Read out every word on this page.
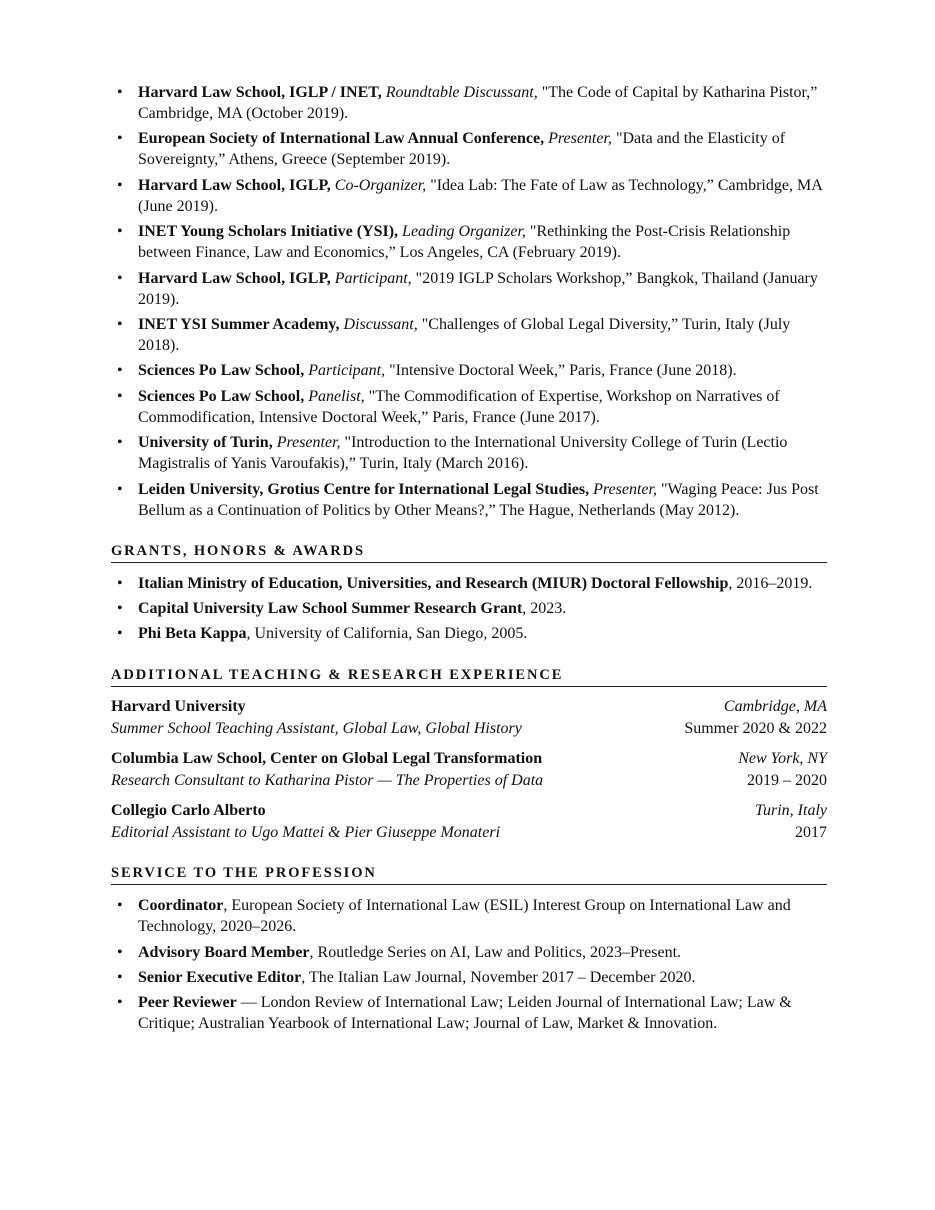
• Harvard Law School, IGLP / INET, Roundtable Discussant, "The Code of Capital by Katharina Pistor,” Cambridge, MA (October 2019).
• European Society of International Law Annual Conference, Presenter, "Data and the Elasticity of Sovereignty,” Athens, Greece (September 2019).
• Harvard Law School, IGLP, Co-Organizer, "Idea Lab: The Fate of Law as Technology,” Cambridge, MA (June 2019).
• INET Young Scholars Initiative (YSI), Leading Organizer, "Rethinking the Post-Crisis Relationship between Finance, Law and Economics,” Los Angeles, CA (February 2019).
• Harvard Law School, IGLP, Participant, "2019 IGLP Scholars Workshop,” Bangkok, Thailand (January 2019).
• INET YSI Summer Academy, Discussant, "Challenges of Global Legal Diversity,” Turin, Italy (July 2018).
• Sciences Po Law School, Participant, "Intensive Doctoral Week,” Paris, France (June 2018).
• Sciences Po Law School, Panelist, "The Commodification of Expertise, Workshop on Narratives of Commodification, Intensive Doctoral Week,” Paris, France (June 2017).
• University of Turin, Presenter, "Introduction to the International University College of Turin (Lectio Magistralis of Yanis Varoufakis),” Turin, Italy (March 2016).
• Leiden University, Grotius Centre for International Legal Studies, Presenter, "Waging Peace: Jus Post Bellum as a Continuation of Politics by Other Means?,” The Hague, Netherlands (May 2012).
GRANTS, HONORS & AWARDS
• Italian Ministry of Education, Universities, and Research (MIUR) Doctoral Fellowship, 2016–2019.
• Capital University Law School Summer Research Grant, 2023.
• Phi Beta Kappa, University of California, San Diego, 2005.
ADDITIONAL TEACHING & RESEARCH EXPERIENCE
Harvard University	Cambridge, MA
Summer School Teaching Assistant, Global Law, Global History	Summer 2020 & 2022
Columbia Law School, Center on Global Legal Transformation	New York, NY
Research Consultant to Katharina Pistor — The Properties of Data	2019 – 2020
Collegio Carlo Alberto	Turin, Italy
Editorial Assistant to Ugo Mattei & Pier Giuseppe Monateri	2017
SERVICE TO THE PROFESSION
• Coordinator, European Society of International Law (ESIL) Interest Group on International Law and Technology, 2020–2026.
• Advisory Board Member, Routledge Series on AI, Law and Politics, 2023–Present.
• Senior Executive Editor, The Italian Law Journal, November 2017 – December 2020.
• Peer Reviewer — London Review of International Law; Leiden Journal of International Law; Law & Critique; Australian Yearbook of International Law; Journal of Law, Market & Innovation.
